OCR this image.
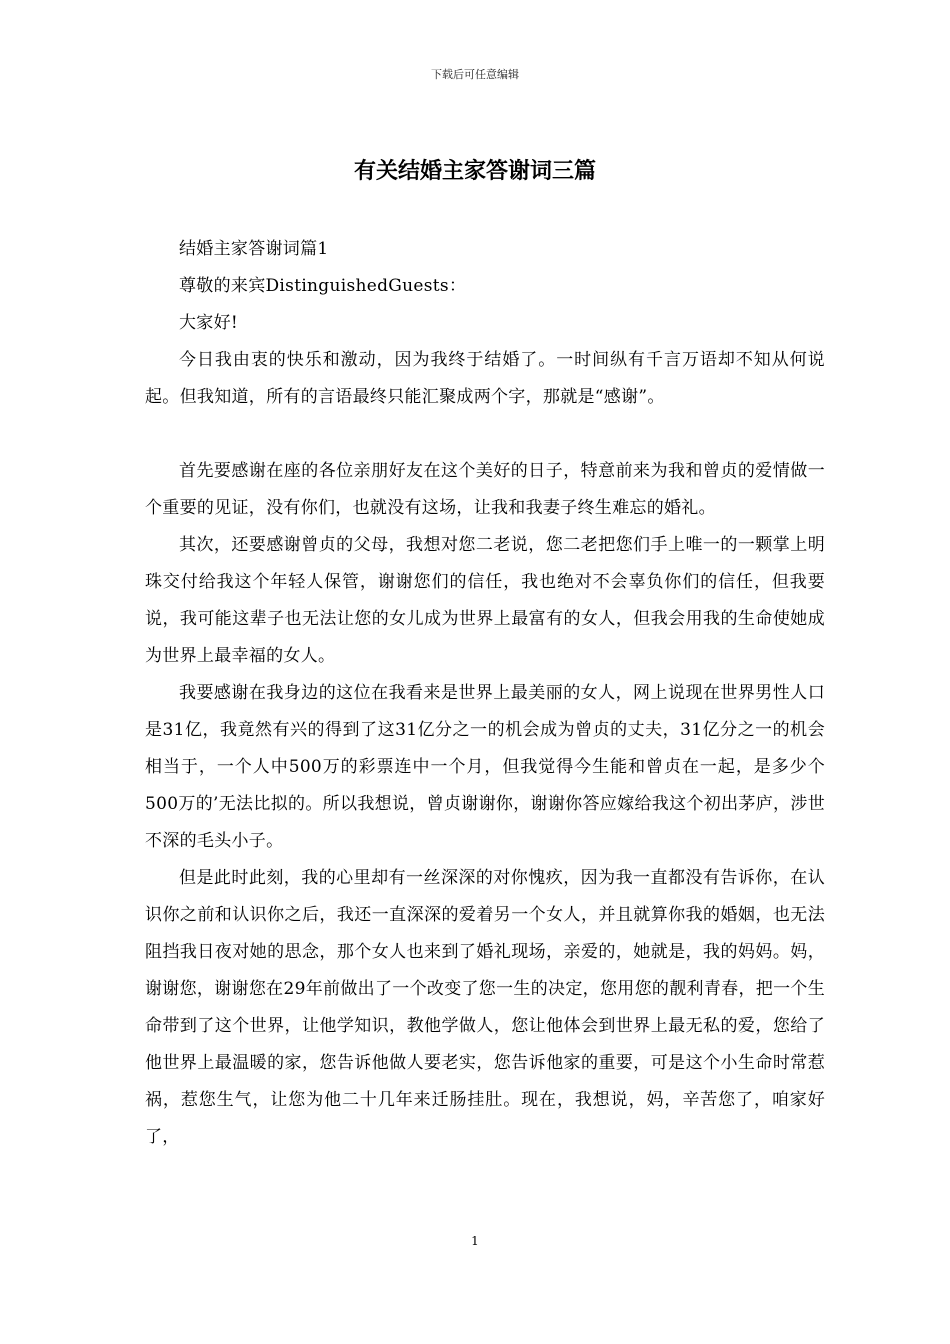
下载后可任意编辑
有关结婚主家答谢词三篇

结婚主家答谢词篇1

尊敬的来宾DistinguishedGuests：

大家好!

今日我由衷的快乐和激动，因为我终于结婚了。一时间纵有千言万语却不知从何说起。但我知道，所有的言语最终只能汇聚成两个字，那就是“感谢”。

首先要感谢在座的各位亲朋好友在这个美好的日子，特意前来为我和曾贞的爱情做一个重要的见证，没有你们，也就没有这场，让我和我妻子终生难忘的婚礼。

其次，还要感谢曾贞的父母，我想对您二老说，您二老把您们手上唯一的一颗掌上明珠交付给我这个年轻人保管，谢谢您们的信任，我也绝对不会辜负你们的信任，但我要说，我可能这辈子也无法让您的女儿成为世界上最富有的女人，但我会用我的生命使她成为世界上最幸福的女人。

我要感谢在我身边的这位在我看来是世界上最美丽的女人，网上说现在世界男性人口是31亿，我竟然有兴的得到了这31亿分之一的机会成为曾贞的丈夫，31亿分之一的机会相当于，一个人中500万的彩票连中一个月，但我觉得今生能和曾贞在一起，是多少个500万的’无法比拟的。所以我想说，曾贞谢谢你，谢谢你答应嫁给我这个初出茅庐，涉世不深的毛头小子。

但是此时此刻，我的心里却有一丝深深的对你愧疚，因为我一直都没有告诉你，在认识你之前和认识你之后，我还一直深深的爱着另一个女人，并且就算你我的婚姻，也无法阻挡我日夜对她的思念，那个女人也来到了婚礼现场，亲爱的，她就是，我的妈妈。妈，谢谢您，谢谢您在29年前做出了一个改变了您一生的决定，您用您的靓利青春，把一个生命带到了这个世界，让他学知识，教他学做人，您让他体会到世界上最无私的爱，您给了他世界上最温暖的家，您告诉他做人要老实，您告诉他家的重要，可是这个小生命时常惹祸，惹您生气，让您为他二十几年来迁肠挂肚。现在，我想说，妈，辛苦您了，咱家好了，

1
